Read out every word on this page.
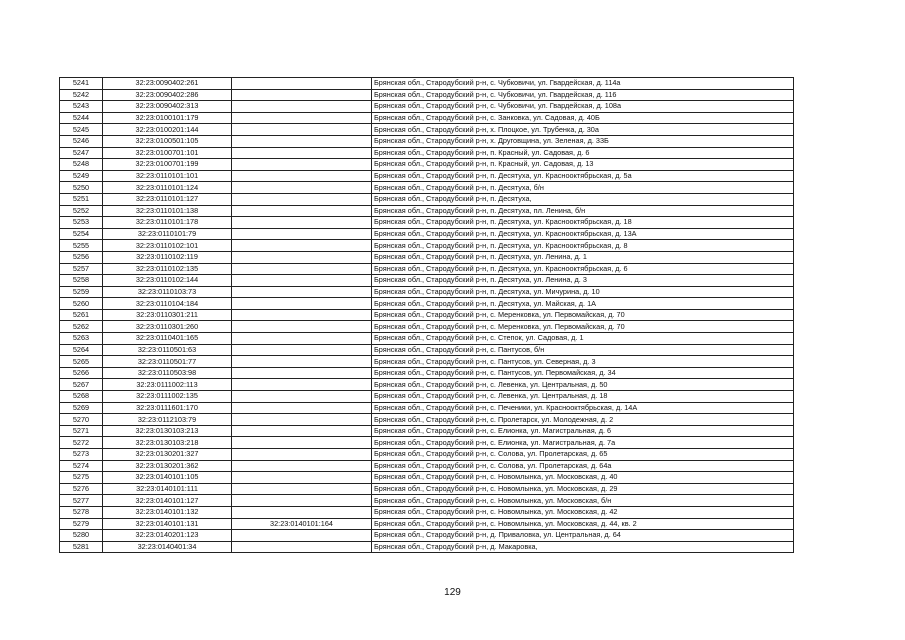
5241	32:23:0090402:261		Брянская обл., Стародубский р-н, с. Чубковичи, ул. Гвардейская, д. 114а
5242	32:23:0090402:286		Брянская обл., Стародубский р-н, с. Чубковичи, ул. Гвардейская, д. 116
5243	32:23:0090402:313		Брянская обл., Стародубский р-н, с. Чубковичи, ул. Гвардейская, д. 108а
5244	32:23:0100101:179		Брянская обл., Стародубский р-н, с. Занковка, ул. Садовая, д. 40Б
5245	32:23:0100201:144		Брянская обл., Стародубский р-н, х. Плоцкое, ул. Трубенка, д. 30а
5246	32:23:0100501:105		Брянская обл., Стародубский р-н, х. Друговщина, ул. Зеленая, д. 33Б
5247	32:23:0100701:101		Брянская обл., Стародубский р-н, п. Красный, ул. Садовая, д. 6
5248	32:23:0100701:199		Брянская обл., Стародубский р-н, п. Красный, ул. Садовая, д. 13
5249	32:23:0110101:101		Брянская обл., Стародубский р-н, п. Десятуха, ул. Краснооктябрьская, д. 5а
5250	32:23:0110101:124		Брянская обл., Стародубский р-н, п. Десятуха, б/н
5251	32:23:0110101:127		Брянская обл., Стародубский р-н, п. Десятуха,
5252	32:23:0110101:138		Брянская обл., Стародубский р-н, п. Десятуха, пл. Ленина, б/н
5253	32:23:0110101:178		Брянская обл., Стародубский р-н, п. Десятуха, ул. Краснооктябрьская, д. 18
5254	32:23:0110101:79		Брянская обл., Стародубский р-н, п. Десятуха, ул. Краснооктябрьская, д. 13А
5255	32:23:0110102:101		Брянская обл., Стародубский р-н, п. Десятуха, ул. Краснооктябрьская, д. 8
5256	32:23:0110102:119		Брянская обл., Стародубский р-н, п. Десятуха, ул. Ленина, д. 1
5257	32:23:0110102:135		Брянская обл., Стародубский р-н, п. Десятуха, ул. Краснооктябрьская, д. 6
5258	32:23:0110102:144		Брянская обл., Стародубский р-н, п. Десятуха, ул. Ленина, д. 3
5259	32:23:0110103:73		Брянская обл., Стародубский р-н, п. Десятуха, ул. Мичурина, д. 10
5260	32:23:0110104:184		Брянская обл., Стародубский р-н, п. Десятуха, ул. Майская, д. 1А
5261	32:23:0110301:211		Брянская обл., Стародубский р-н, с. Меренковка, ул. Первомайская, д. 70
5262	32:23:0110301:260		Брянская обл., Стародубский р-н, с. Меренковка, ул. Первомайская, д. 70
5263	32:23:0110401:165		Брянская обл., Стародубский р-н, с. Степок, ул. Садовая, д. 1
5264	32:23:0110501:63		Брянская обл., Стародубский р-н, с. Пантусов, б/н
5265	32:23:0110501:77		Брянская обл., Стародубский р-н, с. Пантусов, ул. Северная, д. 3
5266	32:23:0110503:98		Брянская обл., Стародубский р-н, с. Пантусов, ул. Первомайская, д. 34
5267	32:23:0111002:113		Брянская обл., Стародубский р-н, с. Левенка, ул. Центральная, д. 50
5268	32:23:0111002:135		Брянская обл., Стародубский р-н, с. Левенка, ул. Центральная, д. 18
5269	32:23:0111601:170		Брянская обл., Стародубский р-н, с. Печеники, ул. Краснооктябрьская, д. 14А
5270	32:23:0112103:79		Брянская обл., Стародубский р-н, с. Пролетарск, ул. Молодежная, д. 2
5271	32:23:0130103:213		Брянская обл., Стародубский р-н, с. Елионка, ул. Магистральная, д. 6
5272	32:23:0130103:218		Брянская обл., Стародубский р-н, с. Елионка, ул. Магистральная, д. 7а
5273	32:23:0130201:327		Брянская обл., Стародубский р-н, с. Солова, ул. Пролетарская, д. 65
5274	32:23:0130201:362		Брянская обл., Стародубский р-н, с. Солова, ул. Пролетарская, д. 64а
5275	32:23:0140101:105		Брянская обл., Стародубский р-н, с. Новомлынка, ул. Московская, д. 40
5276	32:23:0140101:111		Брянская обл., Стародубский р-н, с. Новомлынка, ул. Московская, д. 29
5277	32:23:0140101:127		Брянская обл., Стародубский р-н, с. Новомлынка, ул. Московская, б/н
5278	32:23:0140101:132		Брянская обл., Стародубский р-н, с. Новомлынка, ул. Московская, д. 42
5279	32:23:0140101:131	32:23:0140101:164	Брянская обл., Стародубский р-н, с. Новомлынка, ул. Московская, д. 44, кв. 2
5280	32:23:0140201:123		Брянская обл., Стародубский р-н, д. Приваловка, ул. Центральная, д. 64
5281	32:23:0140401:34		Брянская обл., Стародубский р-н, д. Макаровка,
129
